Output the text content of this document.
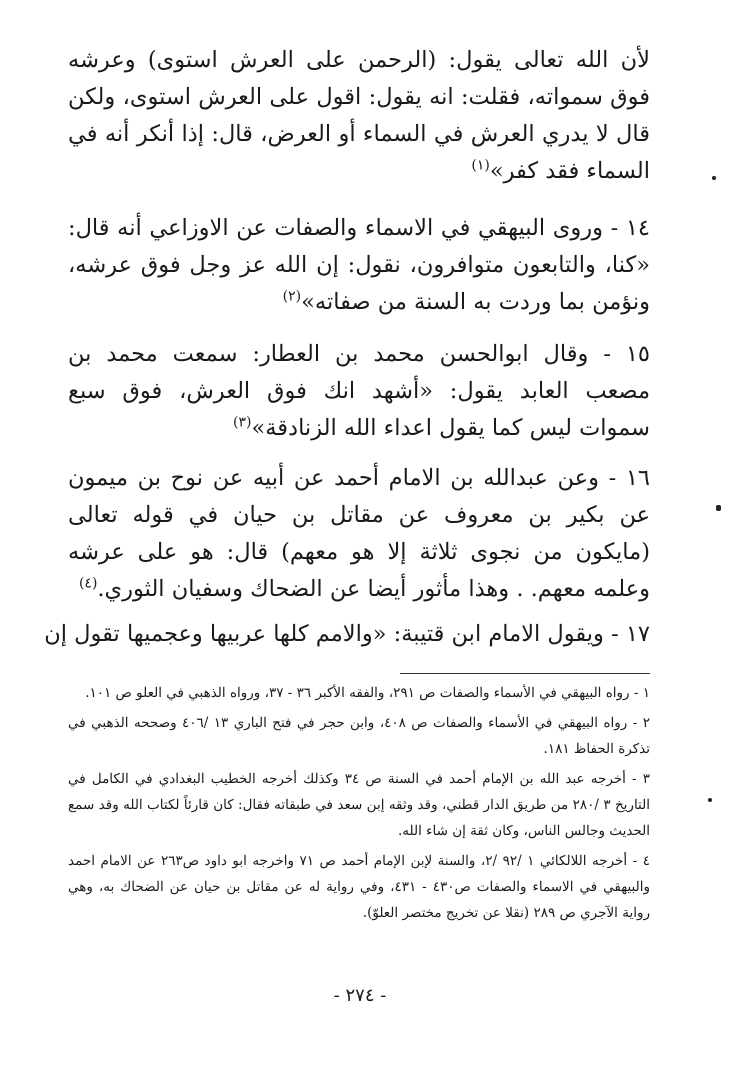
لأن الله تعالى يقول: (الرحمن على العرش استوى) وعرشه فوق سمواته، فقلت: انه يقول: اقول على العرش استوى، ولكن قال لا يدري العرش في السماء أو العرض، قال: إذا أنكر أنه في السماء فقد كفر»$^{(١)}$
١٤ - وروى البيهقي في الاسماء والصفات عن الاوزاعي أنه قال: «كنا، والتابعون متوافرون، نقول: إن الله عز وجل فوق عرشه، ونؤمن بما وردت به السنة من صفاته»$^{(٢)}$
١٥ - وقال ابوالحسن محمد بن العطار: سمعت محمد بن مصعب العابد يقول: «أشهد انك فوق العرش، فوق سبع سموات ليس كما يقول اعداء الله الزنادقة»$^{(٣)}$
١٦ - وعن عبدالله بن الامام أحمد عن أبيه عن نوح بن ميمون عن بكير بن معروف عن مقاتل بن حيان في قوله تعالى (مايكون من نجوى ثلاثة إلا هو معهم) قال: هو على عرشه وعلمه معهم. . وهذا مأثور أيضا عن الضحاك وسفيان الثوري.$^{(٤)}$
١٧ - ويقول الامام ابن قتيبة: «والامم كلها عربيها وعجميها تقول إن

١ - رواه البيهقي في الأسماء والصفات ص ٢٩١، والفقه الأكبر ٣٦ - ٣٧، ورواه الذهبي في العلو ص ١٠١.

٢ - رواه البيهقي في الأسماء والصفات ص ٤٠٨، وابن حجر في فتح الباري ١٣ /٤٠٦ وصححه الذهبي في تذكرة الحفاظ ١٨١.

٣ - أخرجه عبد الله بن الإمام أحمد في السنة ص ٣٤ وكذلك أخرجه الخطيب البغدادي في الكامل في التاريخ ٣ /٢٨٠ من طريق الدار قطني، وقد وثقه إبن سعد في طبقاته فقال: كان قارئاً لكتاب الله وقد سمع الحديث وجالس الناس، وكان ثقة إن شاء الله.

٤ - أخرجه اللالكائي ١ /٩٢ /٢، والسنة لإبن الإمام أحمد ص ٧١ واخرجه ابو داود ص٢٦٣ عن الامام احمد والبيهقي في الاسماء والصفات ص٤٣٠ - ٤٣١، وفي رواية له عن مقاتل بن حيان عن الضحاك به، وهي رواية الآجري ص ٢٨٩ (نقلا عن تخريج مختصر العلوّ).

- ٢٧٤ -
